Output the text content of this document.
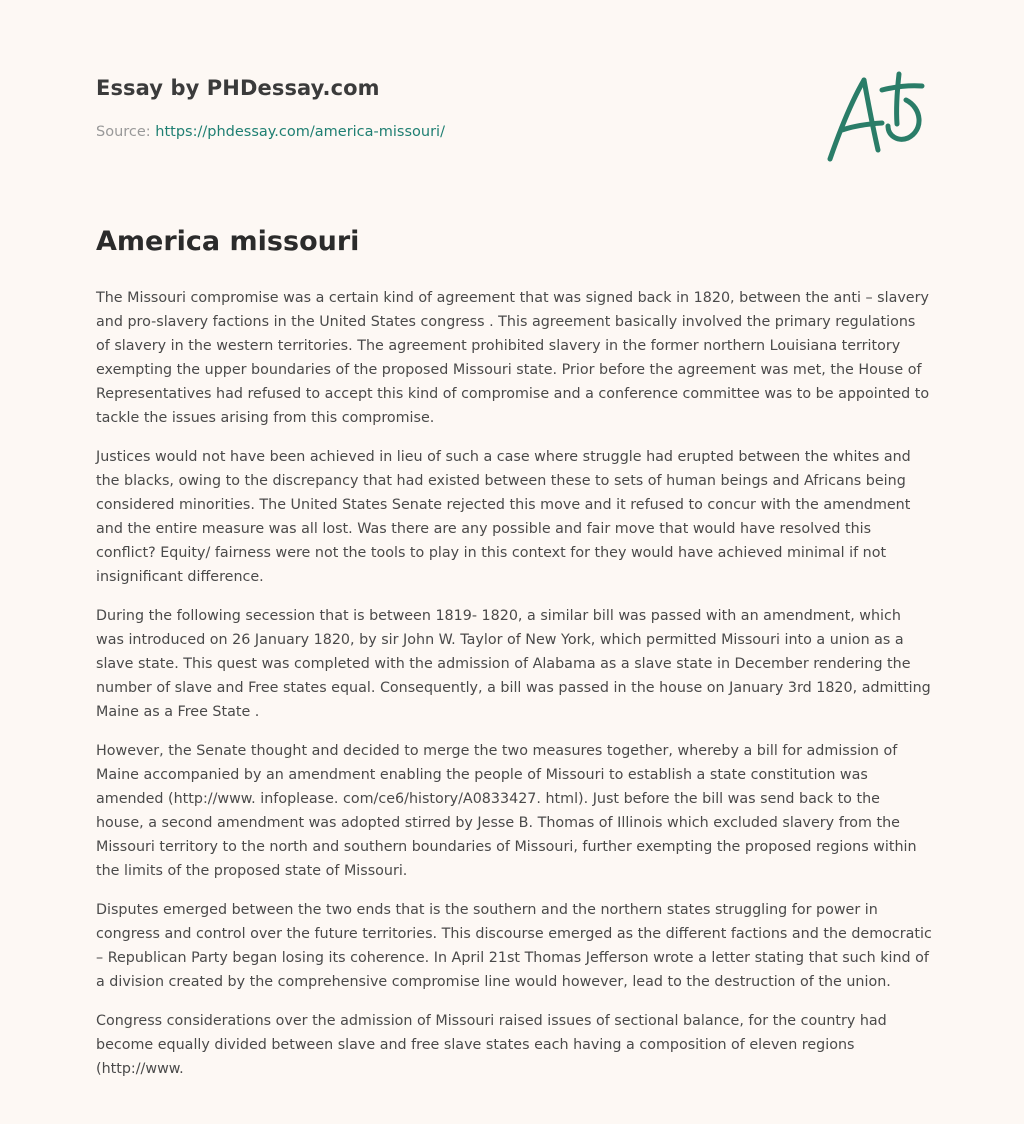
Essay by PHDessay.com
Source: https://phdessay.com/america-missouri/
America missouri

The Missouri compromise was a certain kind of agreement that was signed back in 1820, between the anti – slavery and pro-slavery factions in the United States congress . This agreement basically involved the primary regulations of slavery in the western territories. The agreement prohibited slavery in the former northern Louisiana territory exempting the upper boundaries of the proposed Missouri state. Prior before the agreement was met, the House of Representatives had refused to accept this kind of compromise and a conference committee was to be appointed to tackle the issues arising from this compromise.

Justices would not have been achieved in lieu of such a case where struggle had erupted between the whites and the blacks, owing to the discrepancy that had existed between these to sets of human beings and Africans being considered minorities. The United States Senate rejected this move and it refused to concur with the amendment and the entire measure was all lost. Was there are any possible and fair move that would have resolved this conflict? Equity/ fairness were not the tools to play in this context for they would have achieved minimal if not insignificant difference.

During the following secession that is between 1819- 1820, a similar bill was passed with an amendment, which was introduced on 26 January 1820, by sir John W. Taylor of New York, which permitted Missouri into a union as a slave state. This quest was completed with the admission of Alabama as a slave state in December rendering the number of slave and Free states equal. Consequently, a bill was passed in the house on January 3rd 1820, admitting Maine as a Free State .

However, the Senate thought and decided to merge the two measures together, whereby a bill for admission of Maine accompanied by an amendment enabling the people of Missouri to establish a state constitution was amended (http://www. infoplease. com/ce6/history/A0833427. html). Just before the bill was send back to the house, a second amendment was adopted stirred by Jesse B. Thomas of Illinois which excluded slavery from the Missouri territory to the north and southern boundaries of Missouri, further exempting the proposed regions within the limits of the proposed state of Missouri.

Disputes emerged between the two ends that is the southern and the northern states struggling for power in congress and control over the future territories. This discourse emerged as the different factions and the democratic – Republican Party began losing its coherence. In April 21st Thomas Jefferson wrote a letter stating that such kind of a division created by the comprehensive compromise line would however, lead to the destruction of the union.

Congress considerations over the admission of Missouri raised issues of sectional balance, for the country had become equally divided between slave and free slave states each having a composition of eleven regions (http://www.
